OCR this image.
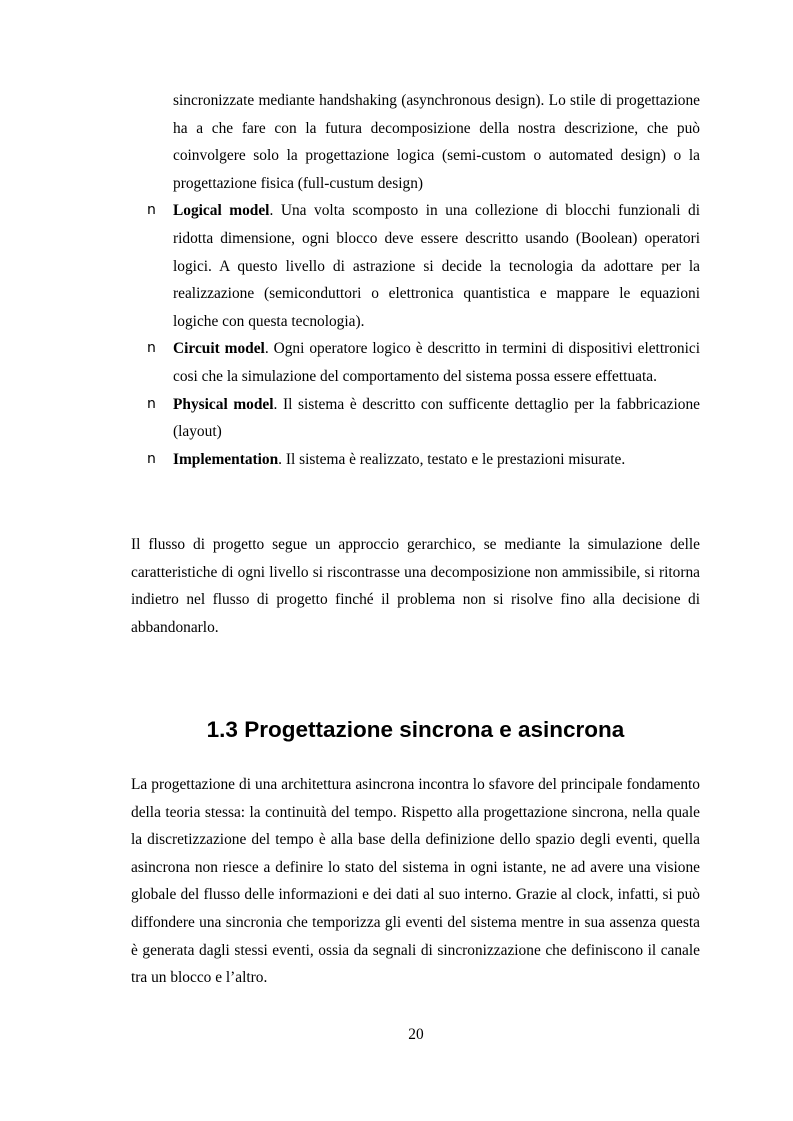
sincronizzate mediante handshaking (asynchronous design). Lo stile di progettazione ha a che fare con la futura decomposizione della nostra descrizione, che può coinvolgere solo la progettazione logica (semi-custom o automated design) o la progettazione fisica (full-custum design)

n Logical model. Una volta scomposto in una collezione di blocchi funzionali di ridotta dimensione, ogni blocco deve essere descritto usando (Boolean) operatori logici. A questo livello di astrazione si decide la tecnologia da adottare per la realizzazione (semiconduttori o elettronica quantistica e mappare le equazioni logiche con questa tecnologia).

n Circuit model. Ogni operatore logico è descritto in termini di dispositivi elettronici cosi che la simulazione del comportamento del sistema possa essere effettuata.

n Physical model. Il sistema è descritto con sufficente dettaglio per la fabbricazione (layout)

n Implementation. Il sistema è realizzato, testato e le prestazioni misurate.

Il flusso di progetto segue un approccio gerarchico, se mediante la simulazione delle caratteristiche di ogni livello si riscontrasse una decomposizione non ammissibile, si ritorna indietro nel flusso di progetto finché il problema non si risolve fino alla decisione di abbandonarlo.

1.3 Progettazione sincrona e asincrona

La progettazione di una architettura asincrona incontra lo sfavore del principale fondamento della teoria stessa: la continuità del tempo. Rispetto alla progettazione sincrona, nella quale la discretizzazione del tempo è alla base della definizione dello spazio degli eventi, quella asincrona non riesce a definire lo stato del sistema in ogni istante, ne ad avere una visione globale del flusso delle informazioni e dei dati al suo interno. Grazie al clock, infatti, si può diffondere una sincronia che temporizza gli eventi del sistema mentre in sua assenza questa è generata dagli stessi eventi, ossia da segnali di sincronizzazione che definiscono il canale tra un blocco e l’altro.

20
